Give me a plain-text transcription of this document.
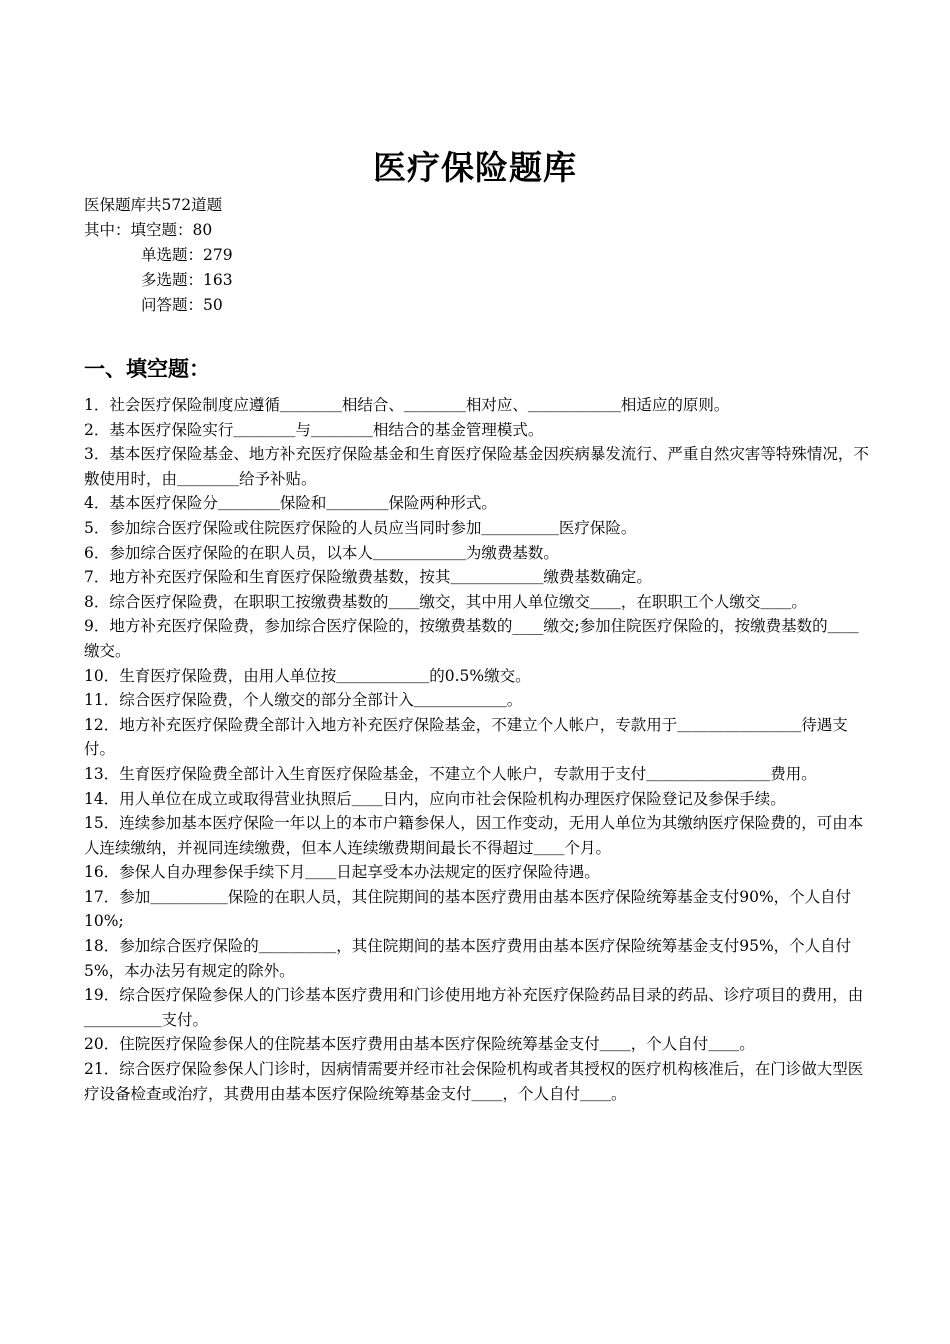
医疗保险题库
医保题库共572道题
其中：填空题：80
单选题：279
多选题：163
问答题：50
一、填空题：

1．社会医疗保险制度应遵循＿＿＿＿相结合、＿＿＿＿相对应、＿＿＿＿＿＿相适应的原则。

2．基本医疗保险实行＿＿＿＿与＿＿＿＿相结合的基金管理模式。

3．基本医疗保险基金、地方补充医疗保险基金和生育医疗保险基金因疾病暴发流行、严重自然灾害等特殊情况，不敷使用时，由＿＿＿＿给予补贴。

4．基本医疗保险分＿＿＿＿保险和＿＿＿＿保险两种形式。

5．参加综合医疗保险或住院医疗保险的人员应当同时参加＿＿＿＿＿医疗保险。

6．参加综合医疗保险的在职人员，以本人＿＿＿＿＿＿为缴费基数。

7．地方补充医疗保险和生育医疗保险缴费基数，按其＿＿＿＿＿＿缴费基数确定。

8．综合医疗保险费，在职职工按缴费基数的＿＿缴交，其中用人单位缴交＿＿，在职职工个人缴交＿＿。

9．地方补充医疗保险费，参加综合医疗保险的，按缴费基数的____缴交;参加住院医疗保险的，按缴费基数的＿＿缴交。

10．生育医疗保险费，由用人单位按＿＿＿＿＿＿的0.5%缴交。

11．综合医疗保险费，个人缴交的部分全部计入＿＿＿＿＿＿。

12．地方补充医疗保险费全部计入地方补充医疗保险基金，不建立个人帐户，专款用于＿＿＿＿＿＿＿＿待遇支付。

13．生育医疗保险费全部计入生育医疗保险基金，不建立个人帐户，专款用于支付＿＿＿＿＿＿＿＿费用。

14．用人单位在成立或取得营业执照后＿＿日内，应向市社会保险机构办理医疗保险登记及参保手续。

15．连续参加基本医疗保险一年以上的本市户籍参保人，因工作变动，无用人单位为其缴纳医疗保险费的，可由本人连续缴纳，并视同连续缴费，但本人连续缴费期间最长不得超过＿＿个月。

16．参保人自办理参保手续下月＿＿日起享受本办法规定的医疗保险待遇。

17．参加＿＿＿＿＿保险的在职人员，其住院期间的基本医疗费用由基本医疗保险统筹基金支付90%，个人自付10%;

18．参加综合医疗保险的＿＿＿＿＿，其住院期间的基本医疗费用由基本医疗保险统筹基金支付95%，个人自付5%，本办法另有规定的除外。

19．综合医疗保险参保人的门诊基本医疗费用和门诊使用地方补充医疗保险药品目录的药品、诊疗项目的费用，由＿＿＿＿＿支付。

20．住院医疗保险参保人的住院基本医疗费用由基本医疗保险统筹基金支付＿＿，个人自付＿＿。

21．综合医疗保险参保人门诊时，因病情需要并经市社会保险机构或者其授权的医疗机构核准后，在门诊做大型医疗设备检查或治疗，其费用由基本医疗保险统筹基金支付＿＿，个人自付＿＿。
